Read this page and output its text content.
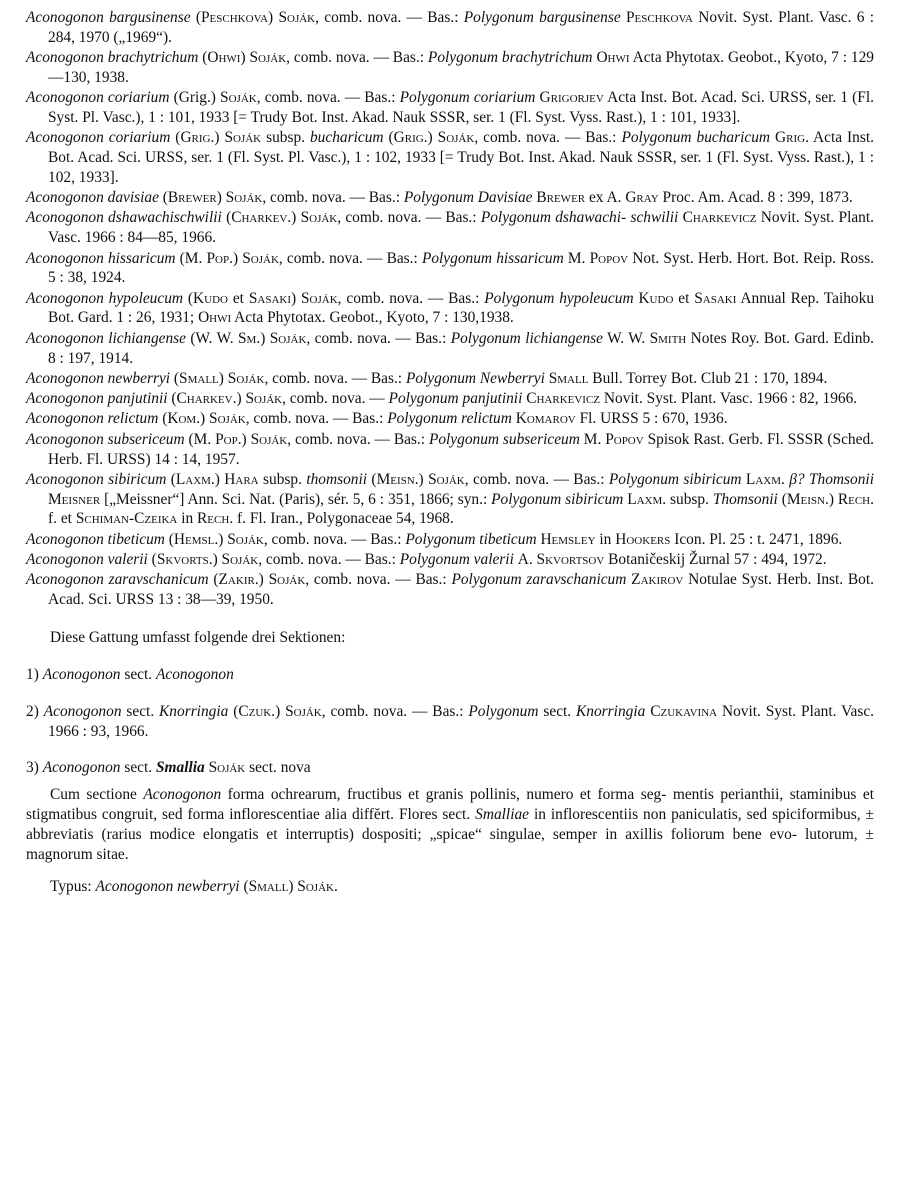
Aconogonon bargusinense (Peschkova) Soják, comb. nova. — Bas.: Polygonum bargusinense Peschkova Novit. Syst. Plant. Vasc. 6 : 284, 1970 („1969“).
Aconogonon brachytrichum (Ohwi) Soják, comb. nova. — Bas.: Polygonum brachytrichum Ohwi Acta Phytotax. Geobot., Kyoto, 7 : 129—130, 1938.
Aconogonon coriarium (Grig.) Soják, comb. nova. — Bas.: Polygonum coriarium Grigorjev Acta Inst. Bot. Acad. Sci. URSS, ser. 1 (Fl. Syst. Pl. Vasc.), 1 : 101, 1933 [= Trudy Bot. Inst. Akad. Nauk SSSR, ser. 1 (Fl. Syst. Vyss. Rast.), 1 : 101, 1933].
Aconogonon coriarium (Grig.) Soják subsp. bucharicum (Grig.) Soják, comb. nova. — Bas.: Polygonum bucharicum Grig. Acta Inst. Bot. Acad. Sci. URSS, ser. 1 (Fl. Syst. Pl. Vasc.), 1 : 102, 1933 [= Trudy Bot. Inst. Akad. Nauk SSSR, ser. 1 (Fl. Syst. Vyss. Rast.), 1 : 102, 1933].
Aconogonon davisiae (Brewer) Soják, comb. nova. — Bas.: Polygonum Davisiae Brewer ex A. Gray Proc. Am. Acad. 8 : 399, 1873.
Aconogonon dshawachischwilii (Charkev.) Soják, comb. nova. — Bas.: Polygonum dshawachi- schwilii Charkevicz Novit. Syst. Plant. Vasc. 1966 : 84—85, 1966.
Aconogonon hissaricum (M. Pop.) Soják, comb. nova. — Bas.: Polygonum hissaricum M. Popov Not. Syst. Herb. Hort. Bot. Reip. Ross. 5 : 38, 1924.
Aconogonon hypoleucum (Kudo et Sasaki) Soják, comb. nova. — Bas.: Polygonum hypoleucum Kudo et Sasaki Annual Rep. Taihoku Bot. Gard. 1 : 26, 1931; Ohwi Acta Phytotax. Geobot., Kyoto, 7 : 130,1938.
Aconogonon lichiangense (W. W. Sm.) Soják, comb. nova. — Bas.: Polygonum lichiangense W. W. Smith Notes Roy. Bot. Gard. Edinb. 8 : 197, 1914.
Aconogonon newberryi (Small) Soják, comb. nova. — Bas.: Polygonum Newberryi Small Bull. Torrey Bot. Club 21 : 170, 1894.
Aconogonon panjutinii (Charkev.) Soják, comb. nova. — Polygonum panjutinii Charkevicz Novit. Syst. Plant. Vasc. 1966 : 82, 1966.
Aconogonon relictum (Kom.) Soják, comb. nova. — Bas.: Polygonum relictum Komarov Fl. URSS 5 : 670, 1936.
Aconogonon subsericeum (M. Pop.) Soják, comb. nova. — Bas.: Polygonum subsericeum M. Popov Spisok Rast. Gerb. Fl. SSSR (Sched. Herb. Fl. URSS) 14 : 14, 1957.
Aconogonon sibiricum (Laxm.) Hara subsp. thomsonii (Meisn.) Soják, comb. nova. — Bas.: Polygonum sibiricum Laxm. β? Thomsonii Meisner [„Meissner“] Ann. Sci. Nat. (Paris), sér. 5, 6 : 351, 1866; syn.: Polygonum sibiricum Laxm. subsp. Thomsonii (Meisn.) Rech. f. et Schiman-Czeika in Rech. f. Fl. Iran., Polygonaceae 54, 1968.
Aconogonon tibeticum (Hemsl.) Soják, comb. nova. — Bas.: Polygonum tibeticum Hemsley in Hookers Icon. Pl. 25 : t. 2471, 1896.
Aconogonon valerii (Skvorts.) Soják, comb. nova. — Bas.: Polygonum valerii A. Skvortsov Botaničeskij Žurnal 57 : 494, 1972.
Aconogonon zaravschanicum (Zakir.) Soják, comb. nova. — Bas.: Polygonum zaravschanicum Zakirov Notulae Syst. Herb. Inst. Bot. Acad. Sci. URSS 13 : 38—39, 1950.
Diese Gattung umfasst folgende drei Sektionen:
1) Aconogonon sect. Aconogonon
2) Aconogonon sect. Knorringia (Czuk.) Soják, comb. nova. — Bas.: Polygonum sect. Knorringia Czukavina Novit. Syst. Plant. Vasc. 1966 : 93, 1966.
3) Aconogonon sect. Smallia Soják sect. nova
Cum sectione Aconogonon forma ochrearum, fructibus et granis pollinis, numero et forma seg- mentis perianthii, staminibus et stigmatibus congruit, sed forma inflorescentiae alia diffĕrt. Flores sect. Smalliae in inflorescentiis non paniculatis, sed spiciformibus, ± abbreviatis (rarius modice elongatis et interruptis) dospositi; „spicae“ singulae, semper in axillis foliorum bene evo- lutorum, ± magnorum sitae.
Typus: Aconogonon newberryi (Small) Soják.
